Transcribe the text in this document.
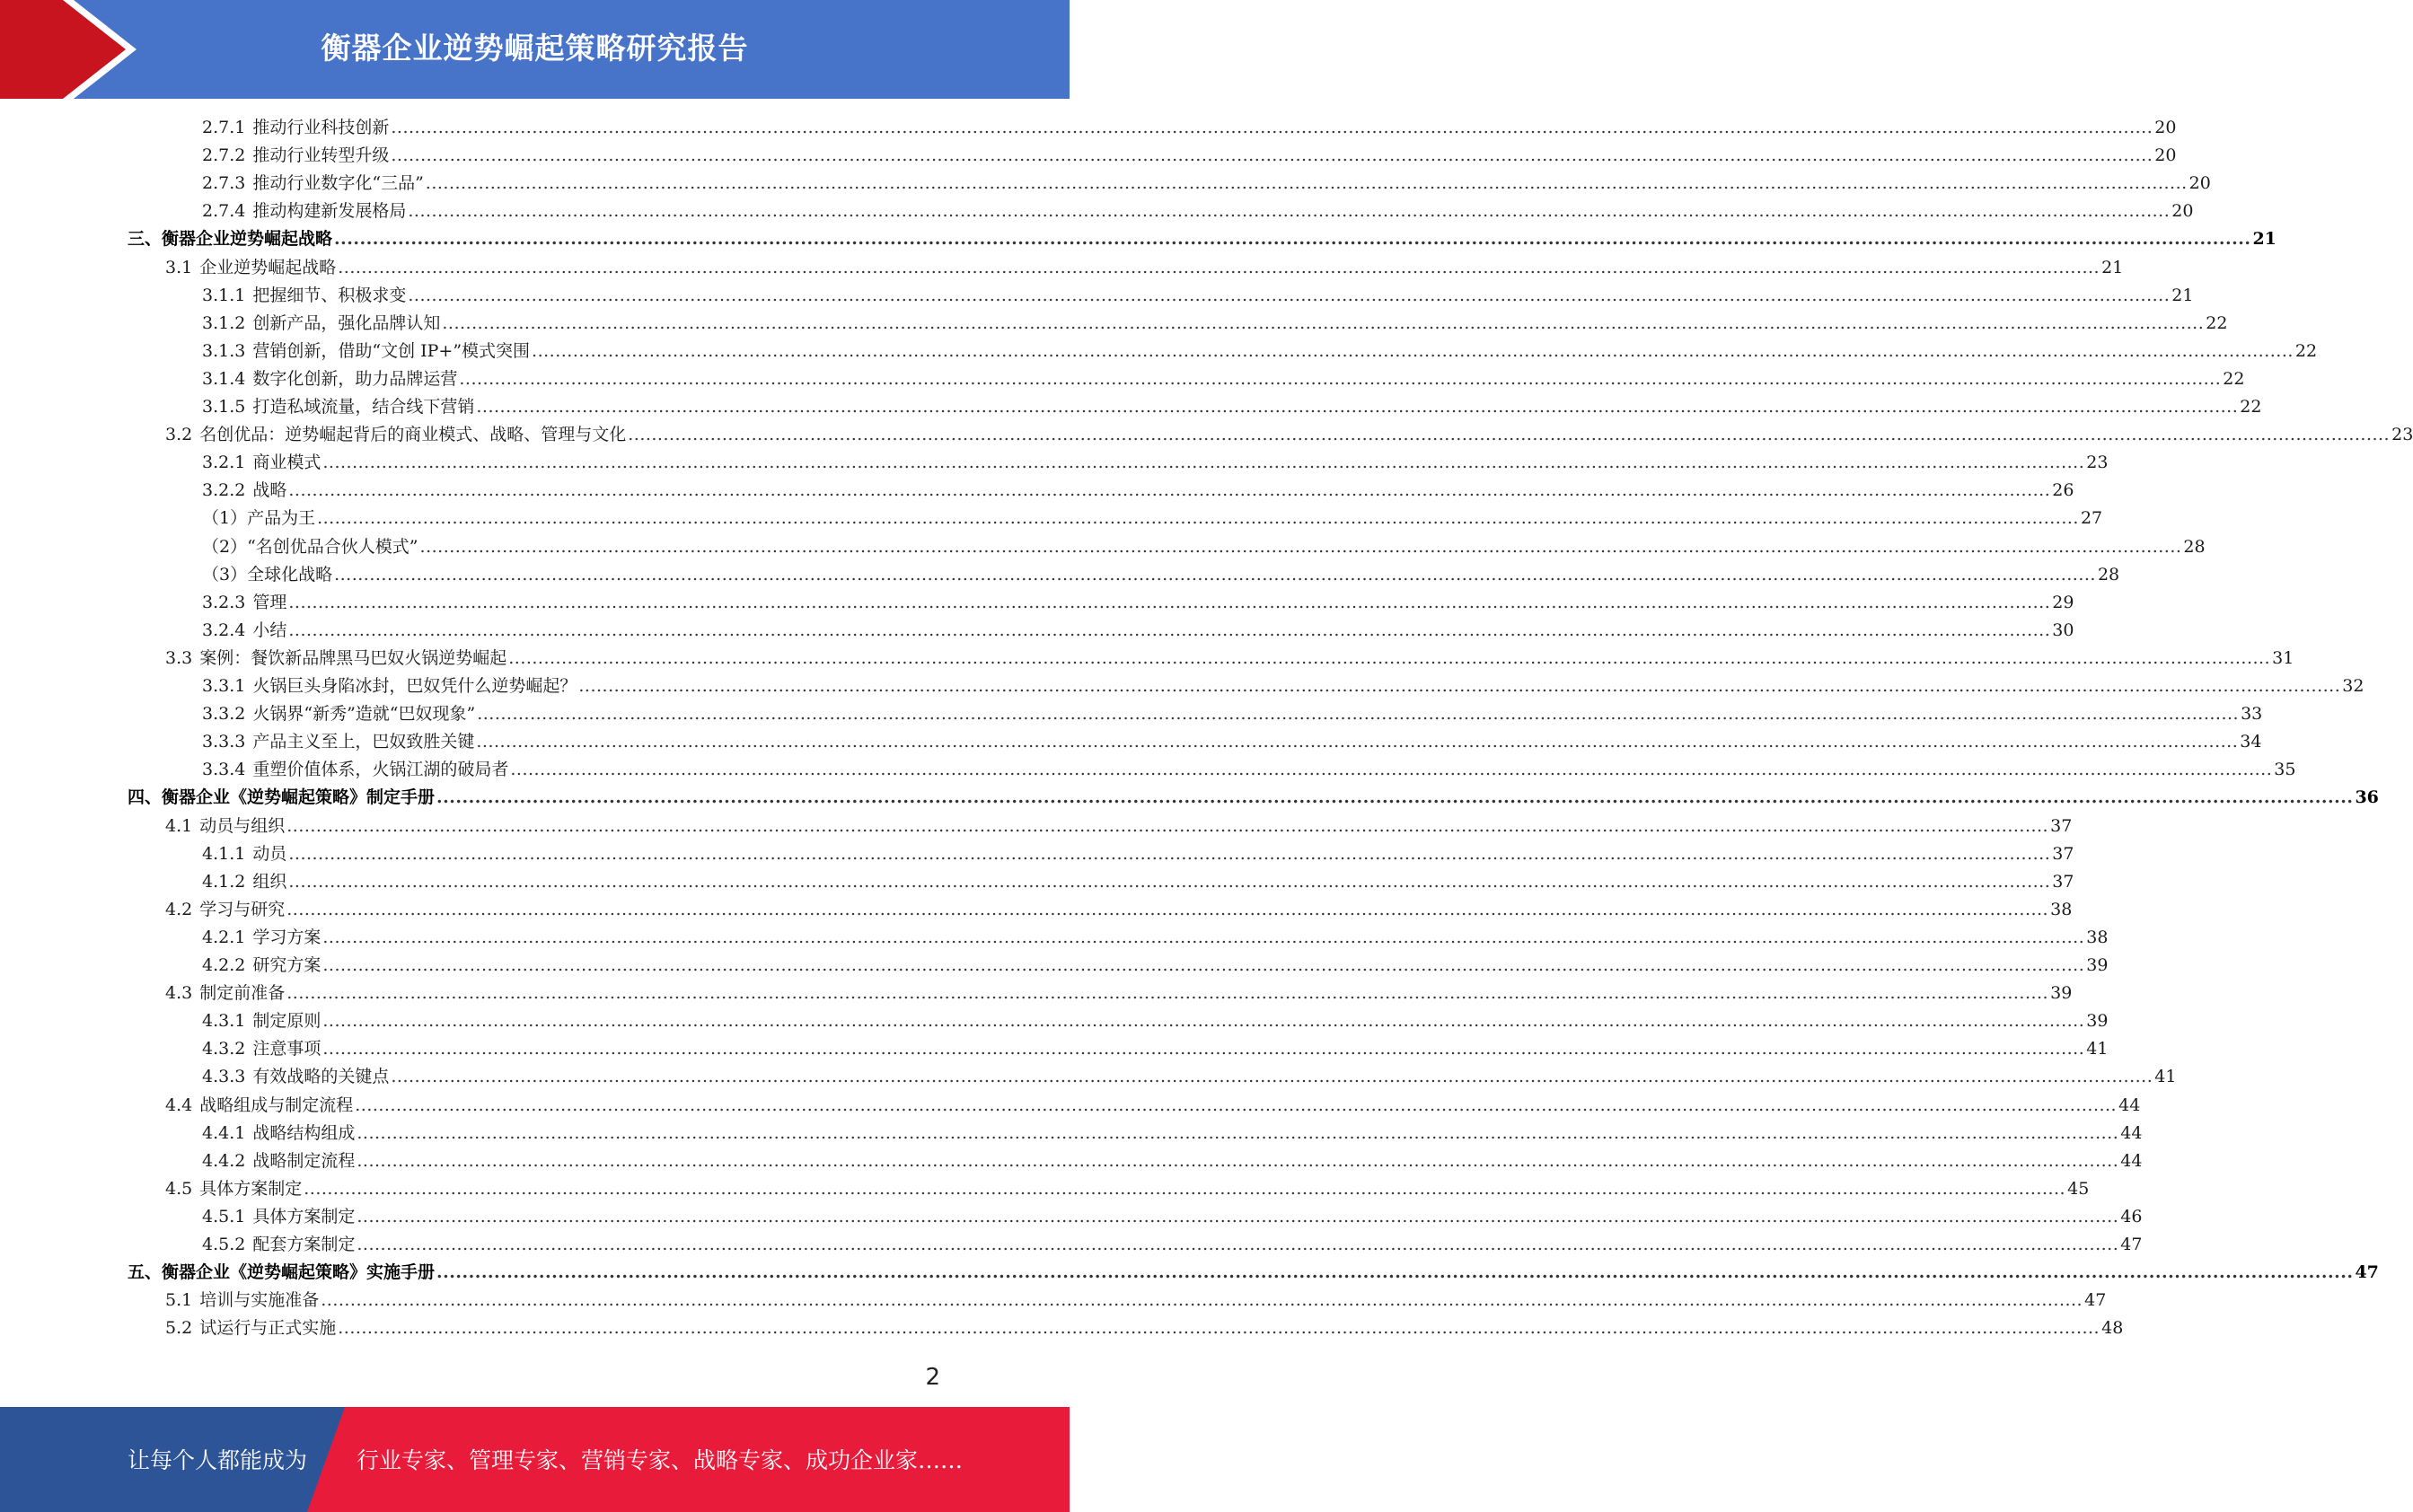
衡器企业逆势崛起策略研究报告
2.7.1 推动行业科技创新 ............................................................................................................................................................................................................................................................................................................ 20
2.7.2 推动行业转型升级 ............................................................................................................................................................................................................................................................................................................ 20
2.7.3 推动行业数字化“三品” ............................................................................................................................................................................................................................................................................................................ 20
2.7.4 推动构建新发展格局 ............................................................................................................................................................................................................................................................................................................ 20
三、衡器企业逆势崛起战略 ............................................................................................................................................................................................................................................................................................................ 21
3.1 企业逆势崛起战略 ............................................................................................................................................................................................................................................................................................................ 21
3.1.1 把握细节、积极求变 ............................................................................................................................................................................................................................................................................................................ 21
3.1.2 创新产品，强化品牌认知 ............................................................................................................................................................................................................................................................................................................ 22
3.1.3 营销创新，借助“文创 IP+”模式突围 ............................................................................................................................................................................................................................................................................................................ 22
3.1.4 数字化创新，助力品牌运营 ............................................................................................................................................................................................................................................................................................................ 22
3.1.5 打造私域流量，结合线下营销 ............................................................................................................................................................................................................................................................................................................ 22
3.2 名创优品：逆势崛起背后的商业模式、战略、管理与文化 ............................................................................................................................................................................................................................................................................................................ 23
3.2.1 商业模式 ............................................................................................................................................................................................................................................................................................................ 23
3.2.2 战略 ............................................................................................................................................................................................................................................................................................................ 26
（1）产品为王 ............................................................................................................................................................................................................................................................................................................ 27
（2）“名创优品合伙人模式” ............................................................................................................................................................................................................................................................................................................ 28
（3）全球化战略 ............................................................................................................................................................................................................................................................................................................ 28
3.2.3 管理 ............................................................................................................................................................................................................................................................................................................ 29
3.2.4 小结 ............................................................................................................................................................................................................................................................................................................ 30
3.3 案例：餐饮新品牌黑马巴奴火锅逆势崛起 ............................................................................................................................................................................................................................................................................................................ 31
3.3.1 火锅巨头身陷冰封，巴奴凭什么逆势崛起？ ............................................................................................................................................................................................................................................................................................................ 32
3.3.2 火锅界“新秀”造就“巴奴现象” ............................................................................................................................................................................................................................................................................................................ 33
3.3.3 产品主义至上，巴奴致胜关键 ............................................................................................................................................................................................................................................................................................................ 34
3.3.4 重塑价值体系，火锅江湖的破局者 ............................................................................................................................................................................................................................................................................................................ 35
四、衡器企业《逆势崛起策略》制定手册 ............................................................................................................................................................................................................................................................................................................ 36
4.1 动员与组织 ............................................................................................................................................................................................................................................................................................................ 37
4.1.1 动员 ............................................................................................................................................................................................................................................................................................................ 37
4.1.2 组织 ............................................................................................................................................................................................................................................................................................................ 37
4.2 学习与研究 ............................................................................................................................................................................................................................................................................................................ 38
4.2.1 学习方案 ............................................................................................................................................................................................................................................................................................................ 38
4.2.2 研究方案 ............................................................................................................................................................................................................................................................................................................ 39
4.3 制定前准备 ............................................................................................................................................................................................................................................................................................................ 39
4.3.1 制定原则 ............................................................................................................................................................................................................................................................................................................ 39
4.3.2 注意事项 ............................................................................................................................................................................................................................................................................................................ 41
4.3.3 有效战略的关键点 ............................................................................................................................................................................................................................................................................................................ 41
4.4 战略组成与制定流程 ............................................................................................................................................................................................................................................................................................................ 44
4.4.1 战略结构组成 ............................................................................................................................................................................................................................................................................................................ 44
4.4.2 战略制定流程 ............................................................................................................................................................................................................................................................................................................ 44
4.5 具体方案制定 ............................................................................................................................................................................................................................................................................................................ 45
4.5.1 具体方案制定 ............................................................................................................................................................................................................................................................................................................ 46
4.5.2 配套方案制定 ............................................................................................................................................................................................................................................................................................................ 47
五、衡器企业《逆势崛起策略》实施手册 ............................................................................................................................................................................................................................................................................................................ 47
5.1 培训与实施准备 ............................................................................................................................................................................................................................................................................................................ 47
5.2 试运行与正式实施 ............................................................................................................................................................................................................................................................................................................ 48
2
让每个人都能成为 行业专家、管理专家、营销专家、战略专家、成功企业家……
